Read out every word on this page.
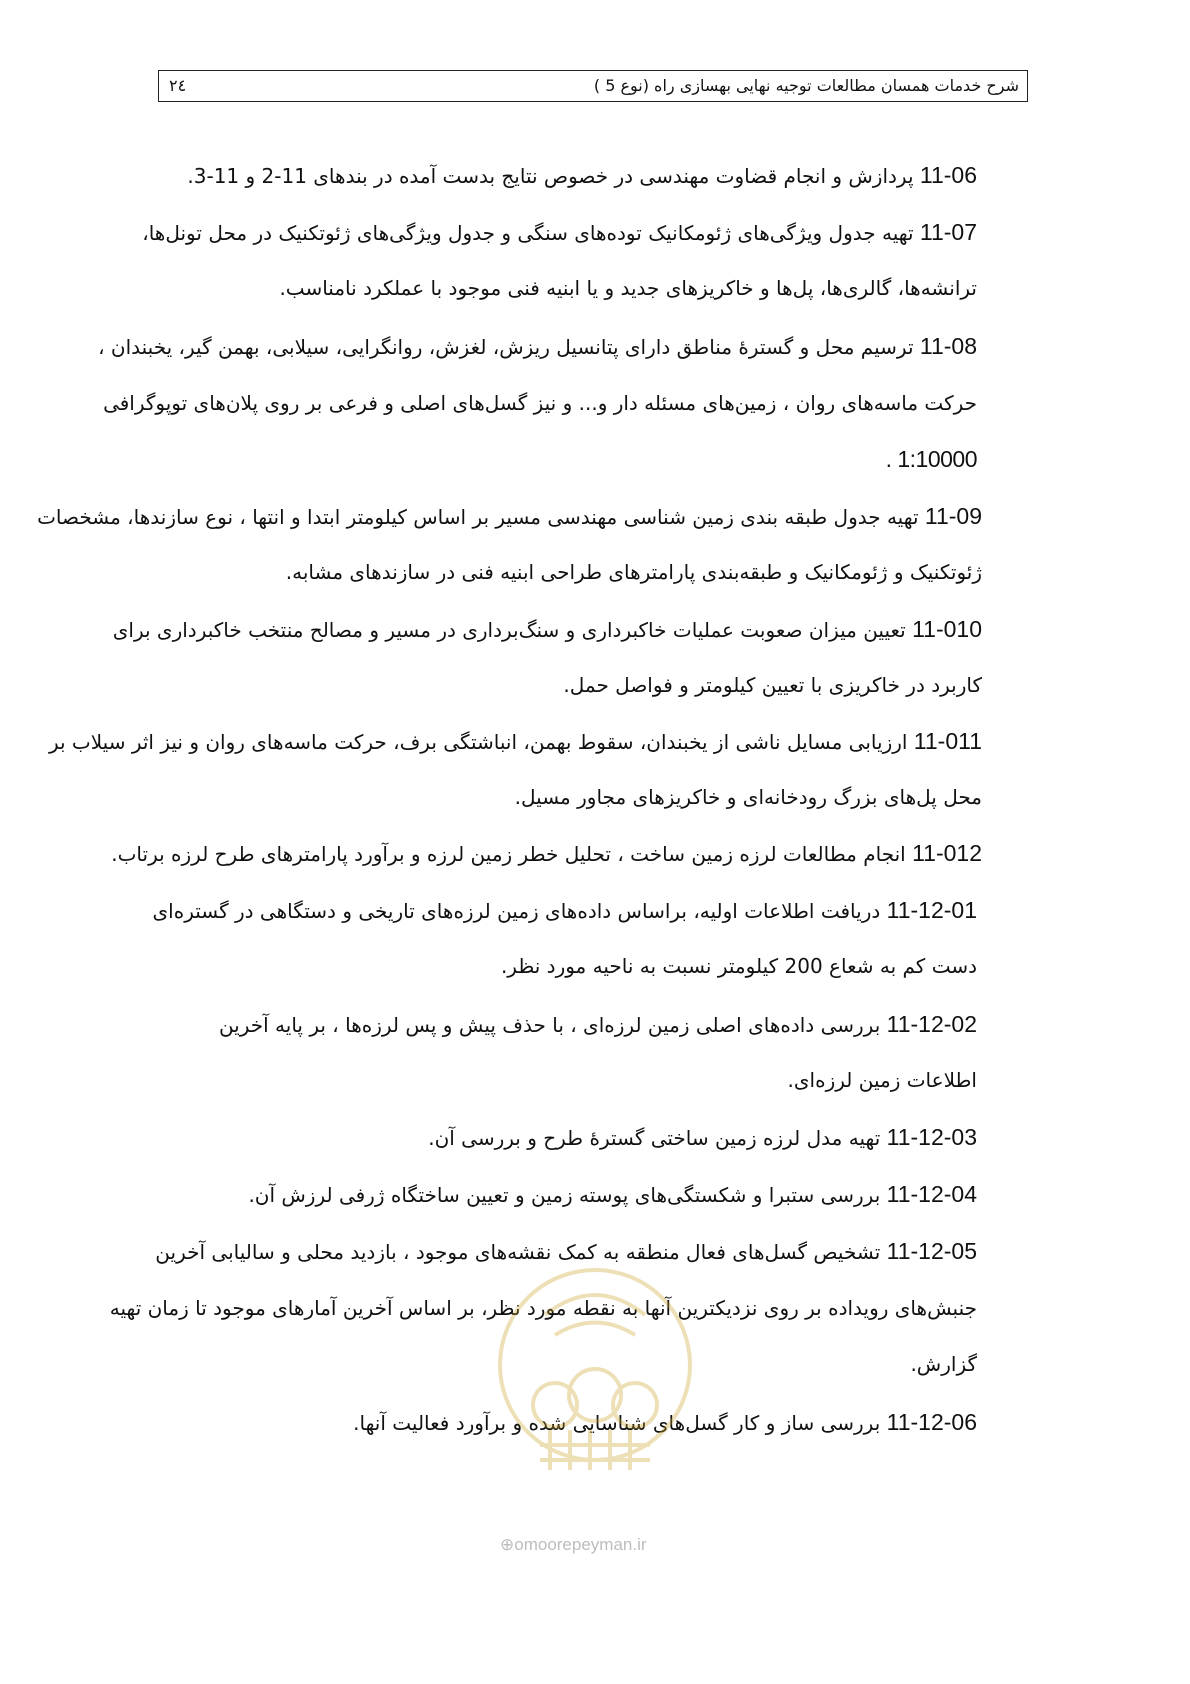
شرح خدمات همسان مطالعات توجیه نهایی بهسازی راه (نوع 5 )
٢٤
11-06 پردازش و انجام قضاوت مهندسی در خصوص نتایج بدست آمده در بندهای 11-2 و 11-3.
11-07 تهیه جدول ویژگی‌های ژئومکانیک توده‌های سنگی و جدول ویژگی‌های ژئوتکنیک در محل تونل‌ها،
ترانشه‌ها، گالری‌ها، پل‌ها و خاکریزهای جدید و یا ابنیه فنی موجود با عملکرد نامناسب.
11-08 ترسیم محل و گسترهٔ مناطق دارای پتانسیل ریزش، لغزش، روانگرایی، سیلابی، بهمن گیر، یخبندان ،
حرکت ماسه‌های روان ، زمین‌های مسئله دار و... و نیز گسل‌های اصلی و فرعی بر روی پلان‌های توپوگرافی
1:10000 .
11-09 تهیه جدول طبقه بندی زمین شناسی مهندسی مسیر بر اساس کیلومتر ابتدا و انتها ، نوع سازندها، مشخصات
ژئوتکنیک و ژئومکانیک و طبقه‌بندی پارامترهای طراحی ابنیه فنی در سازندهای مشابه.
11-010 تعیین میزان صعوبت عملیات خاکبرداری و سنگ‌برداری در مسیر و مصالح منتخب خاکبرداری برای
کاربرد در خاکریزی با تعیین کیلومتر و فواصل حمل.
11-011 ارزیابی مسایل ناشی از یخبندان، سقوط بهمن، انباشتگی برف، حرکت ماسه‌های روان و نیز اثر سیلاب بر
محل پل‌های بزرگ رودخانه‌ای و خاکریزهای مجاور مسیل.
11-012 انجام مطالعات لرزه زمین ساخت ، تحلیل خطر زمین لرزه و برآورد پارامترهای طرح لرزه برتاب.
11-12-01 دریافت اطلاعات اولیه، براساس داده‌های زمین لرزه‌های تاریخی و دستگاهی در گستره‌ای
دست کم به شعاع 200 کیلومتر نسبت به ناحیه مورد نظر.
11-12-02 بررسی داده‌های اصلی زمین لرزه‌ای ، با حذف پیش و پس لرزه‌ها ، بر پایه آخرین
اطلاعات زمین لرزه‌ای.
11-12-03 تهیه مدل لرزه زمین ساختی گسترهٔ طرح و بررسی آن.
11-12-04 بررسی ستبرا و شکستگی‌های پوسته زمین و تعیین ساختگاه ژرفی لرزش آن.
11-12-05 تشخیص گسل‌های فعال منطقه به کمک نقشه‌های موجود ، بازدید محلی و سالیابی آخرین
جنبش‌های رویداده بر روی نزدیکترین آنها به نقطه مورد نظر، بر اساس آخرین آمارهای موجود تا زمان تهیه
گزارش.
11-12-06 بررسی ساز و کار گسل‌های شناسایی شده و برآورد فعالیت آنها.
⊕omoorepeyman.ir
